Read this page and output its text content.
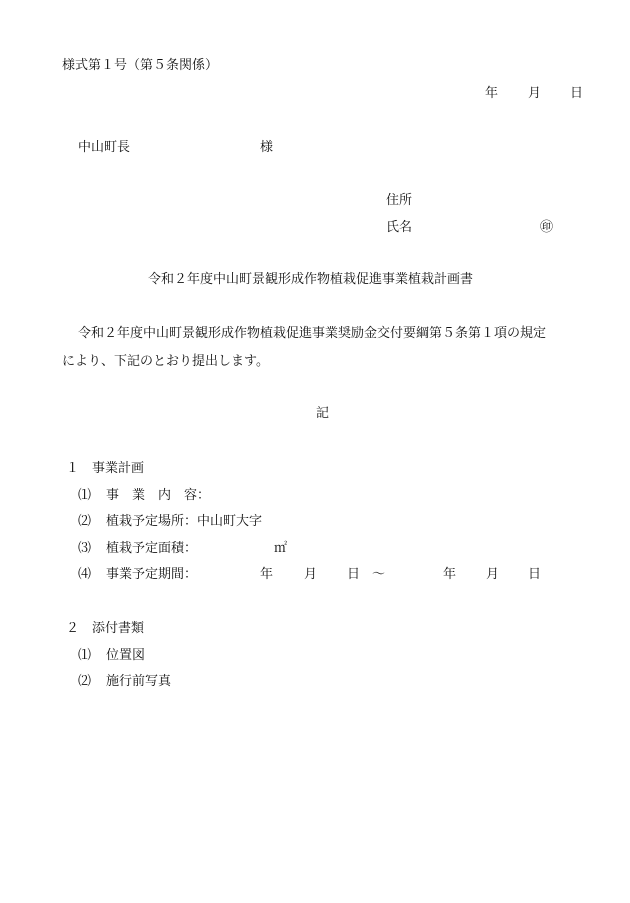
様式第１号（第５条関係）
年 月 日
中山町長	様
住所
氏名	㊞
令和２年度中山町景観形成作物植栽促進事業植栽計画書
令和２年度中山町景観形成作物植栽促進事業奨励金交付要綱第５条第１項の規定
により、下記のとおり提出します。
記
１　事業計画
⑴ 事　業　内　容：
⑵ 植栽予定場所：中山町大字
⑶ 植栽予定面積：	㎡
⑷ 事業予定期間：	年 月 日 ～	年 月 日
２　添付書類
⑴ 位置図
⑵ 施行前写真
